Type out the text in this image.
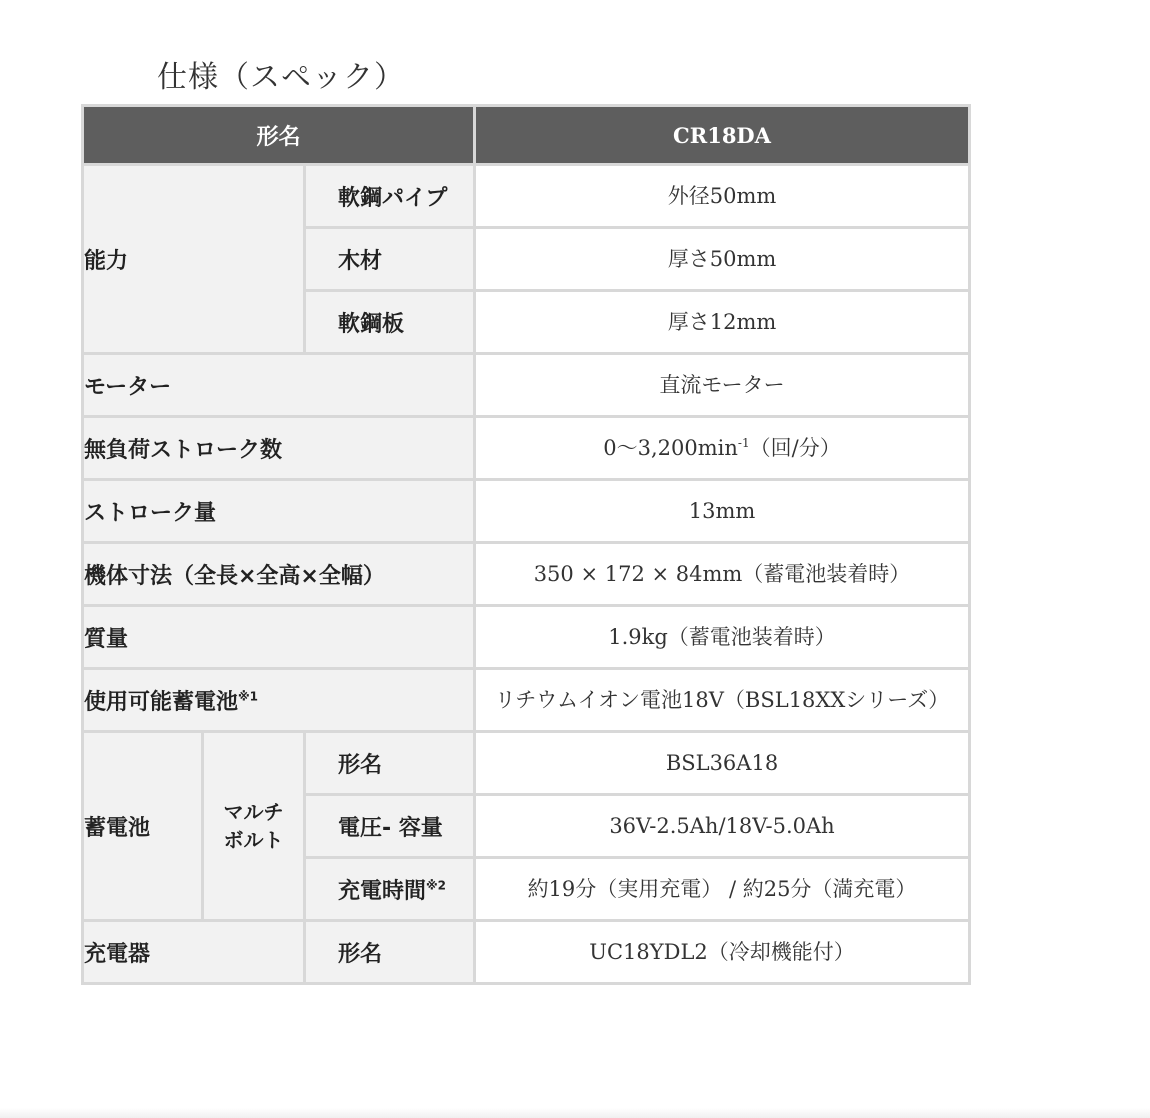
仕様（スペック）
形名			CR18DA
能力		軟鋼パイプ	外径50mm
		木材	厚さ50mm
		軟鋼板	厚さ12mm
モーター			直流モーター
無負荷ストローク数			$0\sim 3,200\min^{-1}$（回/分）
ストローク量			13mm
機体寸法（全長×全高×全幅）			350 × 172 × 84mm（蓄電池装着時）
質量			1.9kg（蓄電池装着時）
使用可能蓄電池$^{※1}$			リチウムイオン電池18V（BSL18XXシリーズ）
蓄電池	マルチボルト	形名	BSL36A18
		電圧- 容量	36V-2.5Ah/18V-5.0Ah
		充電時間$^{※2}$	約19分（実用充電） / 約25分（満充電）
充電器		形名	UC18YDL2（冷却機能付）
